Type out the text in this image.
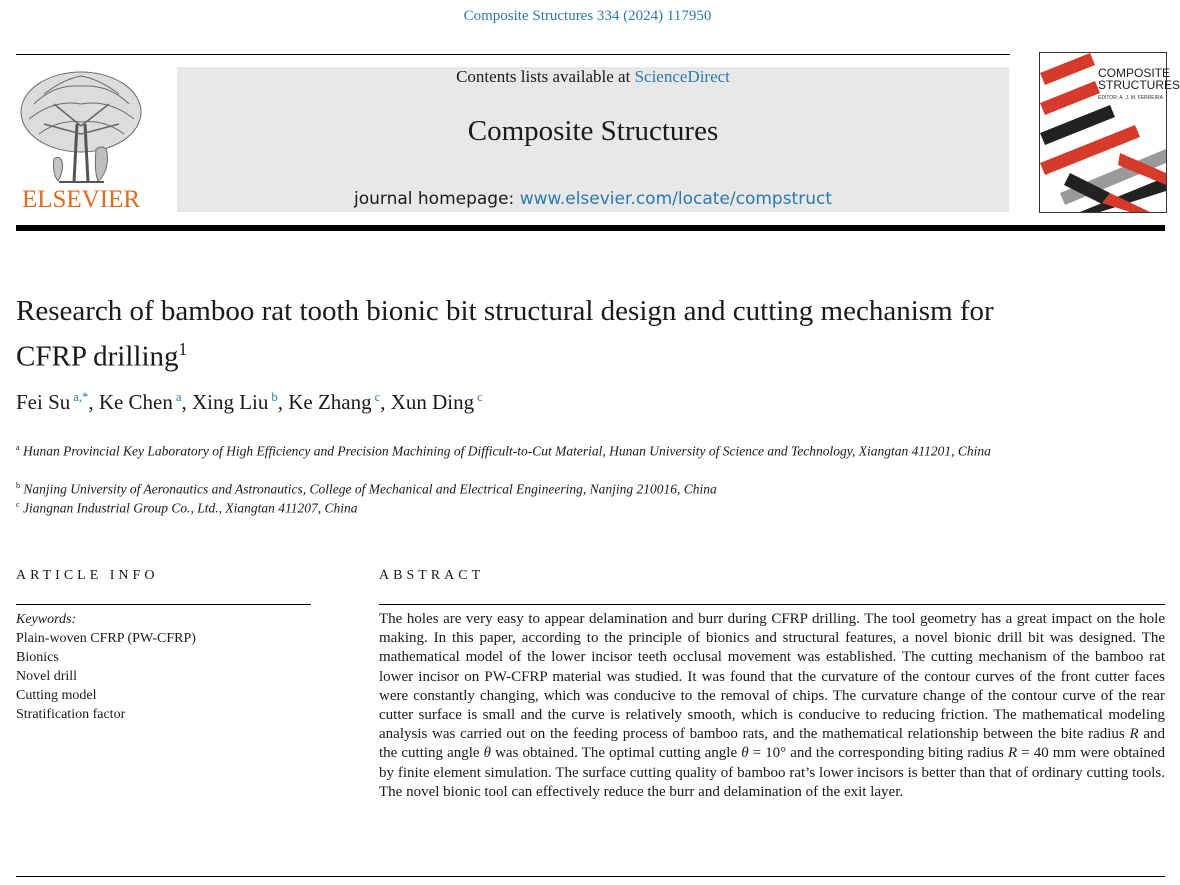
Composite Structures 334 (2024) 117950
ELSEVIER
Contents lists available at ScienceDirect
Composite Structures
journal homepage: www.elsevier.com/locate/compstruct
COMPOSITE
STRUCTURES
EDITOR: A. J. M. FERREIRA
Research of bamboo rat tooth bionic bit structural design and cutting mechanism for CFRP drilling$^1$
Fei Su $^{a,*}$, Ke Chen $^a$, Xing Liu $^b$, Ke Zhang $^c$, Xun Ding $^c$
$^a$ Hunan Provincial Key Laboratory of High Efficiency and Precision Machining of Difficult-to-Cut Material, Hunan University of Science and Technology, Xiangtan 411201, China
$^b$ Nanjing University of Aeronautics and Astronautics, College of Mechanical and Electrical Engineering, Nanjing 210016, China
$^c$ Jiangnan Industrial Group Co., Ltd., Xiangtan 411207, China
ARTICLE INFO
Keywords:
Plain-woven CFRP (PW-CFRP)
Bionics
Novel drill
Cutting model
Stratification factor
ABSTRACT
The holes are very easy to appear delamination and burr during CFRP drilling. The tool geometry has a great impact on the hole making. In this paper, according to the principle of bionics and structural features, a novel bionic drill bit was designed. The mathematical model of the lower incisor teeth occlusal movement was established. The cutting mechanism of the bamboo rat lower incisor on PW-CFRP material was studied. It was found that the curvature of the contour curves of the front cutter faces were constantly changing, which was conducive to the removal of chips. The curvature change of the contour curve of the rear cutter surface is small and the curve is relatively smooth, which is conducive to reducing friction. The mathematical modeling analysis was carried out on the feeding process of bamboo rats, and the mathematical relationship between the bite radius R and the cutting angle θ was obtained. The optimal cutting angle θ = 10° and the corresponding biting radius R = 40 mm were obtained by finite element simulation. The surface cutting quality of bamboo rat’s lower incisors is better than that of ordinary cutting tools. The novel bionic tool can effectively reduce the burr and delamination of the exit layer.
